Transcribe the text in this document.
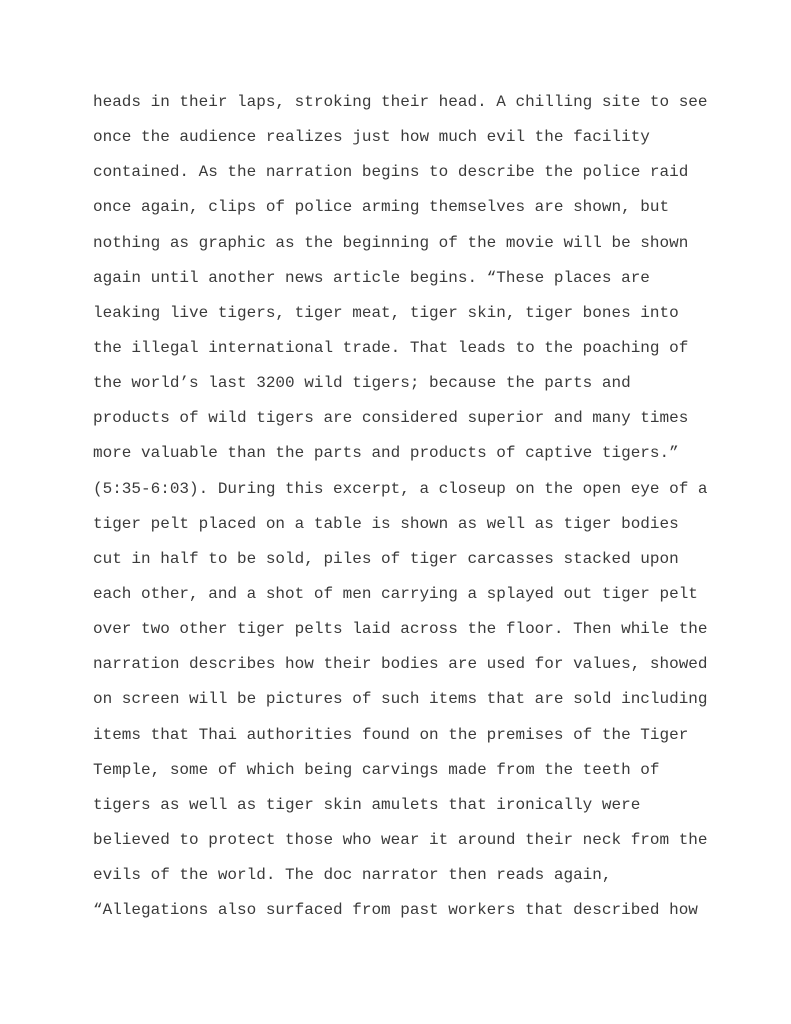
heads in their laps, stroking their head. A chilling site to see
once the audience realizes just how much evil the facility
contained. As the narration begins to describe the police raid
once again, clips of police arming themselves are shown, but
nothing as graphic as the beginning of the movie will be shown
again until another news article begins. “These places are
leaking live tigers, tiger meat, tiger skin, tiger bones into
the illegal international trade. That leads to the poaching of
the world’s last 3200 wild tigers; because the parts and
products of wild tigers are considered superior and many times
more valuable than the parts and products of captive tigers.”
(5:35-6:03). During this excerpt, a closeup on the open eye of a
tiger pelt placed on a table is shown as well as tiger bodies
cut in half to be sold, piles of tiger carcasses stacked upon
each other, and a shot of men carrying a splayed out tiger pelt
over two other tiger pelts laid across the floor. Then while the
narration describes how their bodies are used for values, showed
on screen will be pictures of such items that are sold including
items that Thai authorities found on the premises of the Tiger
Temple, some of which being carvings made from the teeth of
tigers as well as tiger skin amulets that ironically were
believed to protect those who wear it around their neck from the
evils of the world. The doc narrator then reads again,
“Allegations also surfaced from past workers that described how
